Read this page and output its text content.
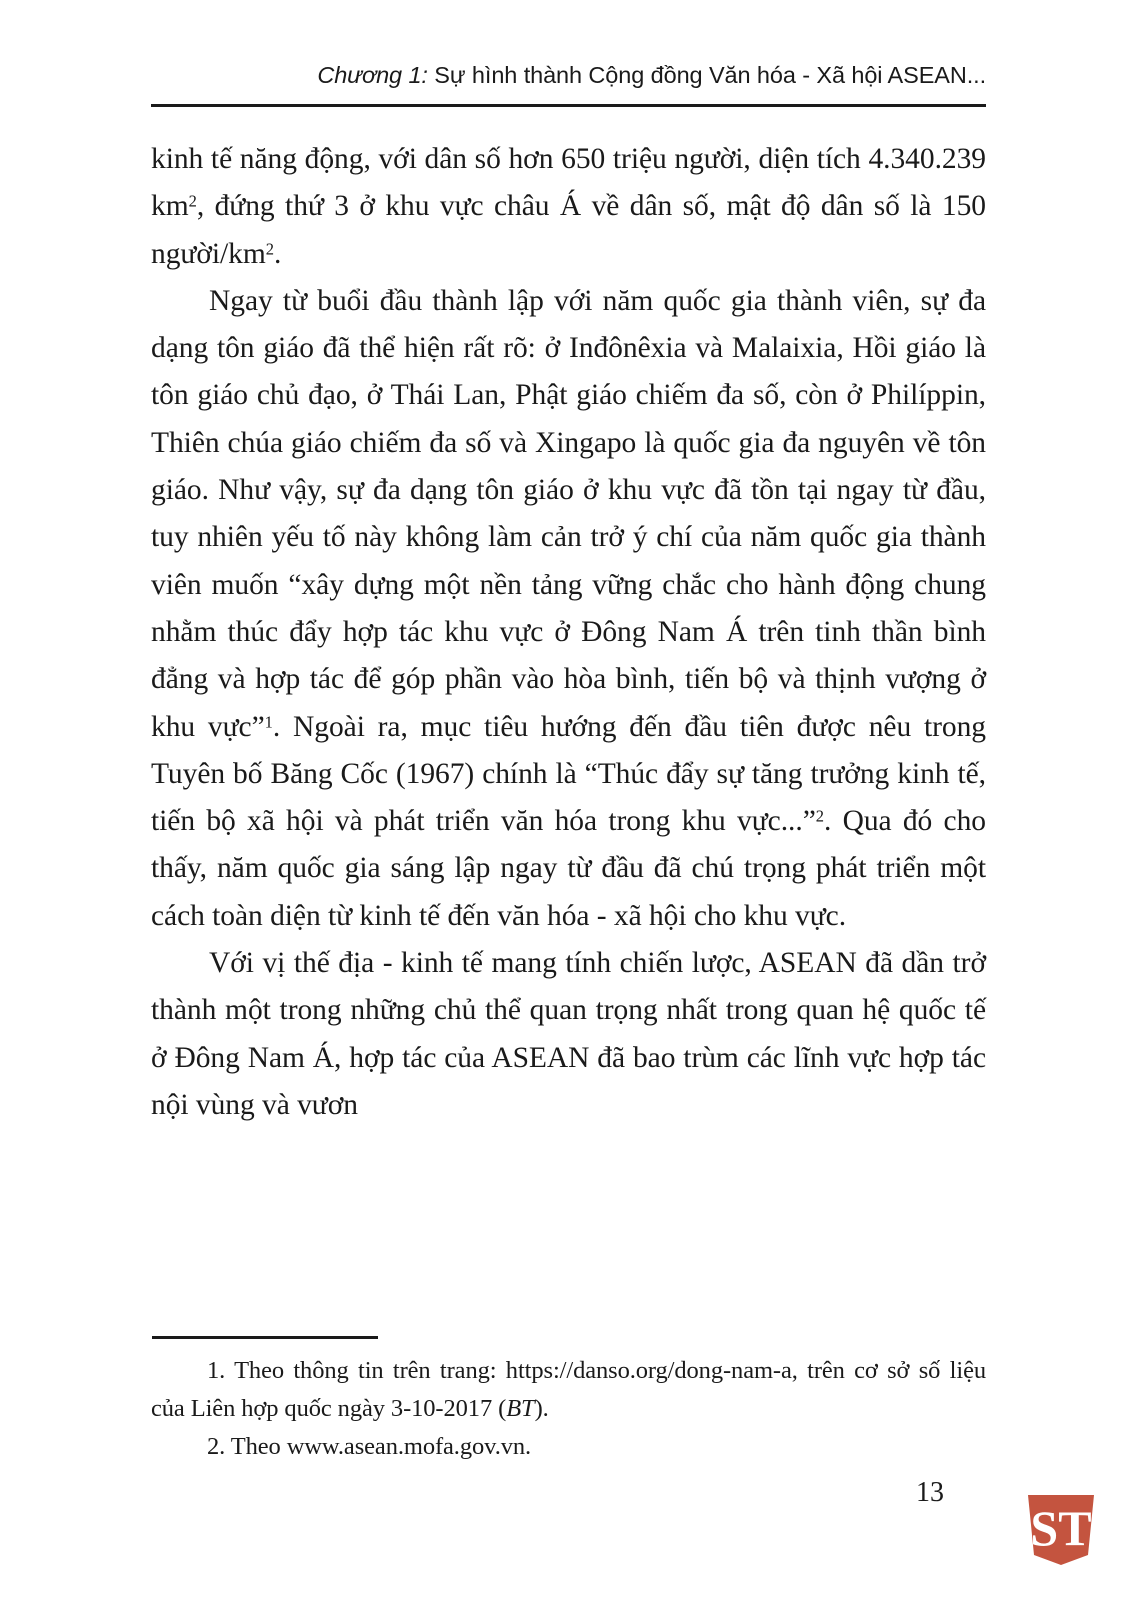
Chương 1: Sự hình thành Cộng đồng Văn hóa - Xã hội ASEAN...

kinh tế năng động, với dân số hơn 650 triệu người, diện tích 4.340.239 $km^2$, đứng thứ 3 ở khu vực châu Á về dân số, mật độ dân số là 150 người/$km^2$.

Ngay từ buổi đầu thành lập với năm quốc gia thành viên, sự đa dạng tôn giáo đã thể hiện rất rõ: ở Inđônêxia và Malaixia, Hồi giáo là tôn giáo chủ đạo, ở Thái Lan, Phật giáo chiếm đa số, còn ở Philíppin, Thiên chúa giáo chiếm đa số và Xingapo là quốc gia đa nguyên về tôn giáo. Như vậy, sự đa dạng tôn giáo ở khu vực đã tồn tại ngay từ đầu, tuy nhiên yếu tố này không làm cản trở ý chí của năm quốc gia thành viên muốn “xây dựng một nền tảng vững chắc cho hành động chung nhằm thúc đẩy hợp tác khu vực ở Đông Nam Á trên tinh thần bình đẳng và hợp tác để góp phần vào hòa bình, tiến bộ và thịnh vượng ở khu vực”$^1$. Ngoài ra, mục tiêu hướng đến đầu tiên được nêu trong Tuyên bố Băng Cốc (1967) chính là “Thúc đẩy sự tăng trưởng kinh tế, tiến bộ xã hội và phát triển văn hóa trong khu vực...”$^2$. Qua đó cho thấy, năm quốc gia sáng lập ngay từ đầu đã chú trọng phát triển một cách toàn diện từ kinh tế đến văn hóa - xã hội cho khu vực.

Với vị thế địa - kinh tế mang tính chiến lược, ASEAN đã dần trở thành một trong những chủ thể quan trọng nhất trong quan hệ quốc tế ở Đông Nam Á, hợp tác của ASEAN đã bao trùm các lĩnh vực hợp tác nội vùng và vươn

1. Theo thông tin trên trang: https://danso.org/dong-nam-a, trên cơ sở số liệu của Liên hợp quốc ngày 3-10-2017 (BT).

2. Theo www.asean.mofa.gov.vn.

13
ST
